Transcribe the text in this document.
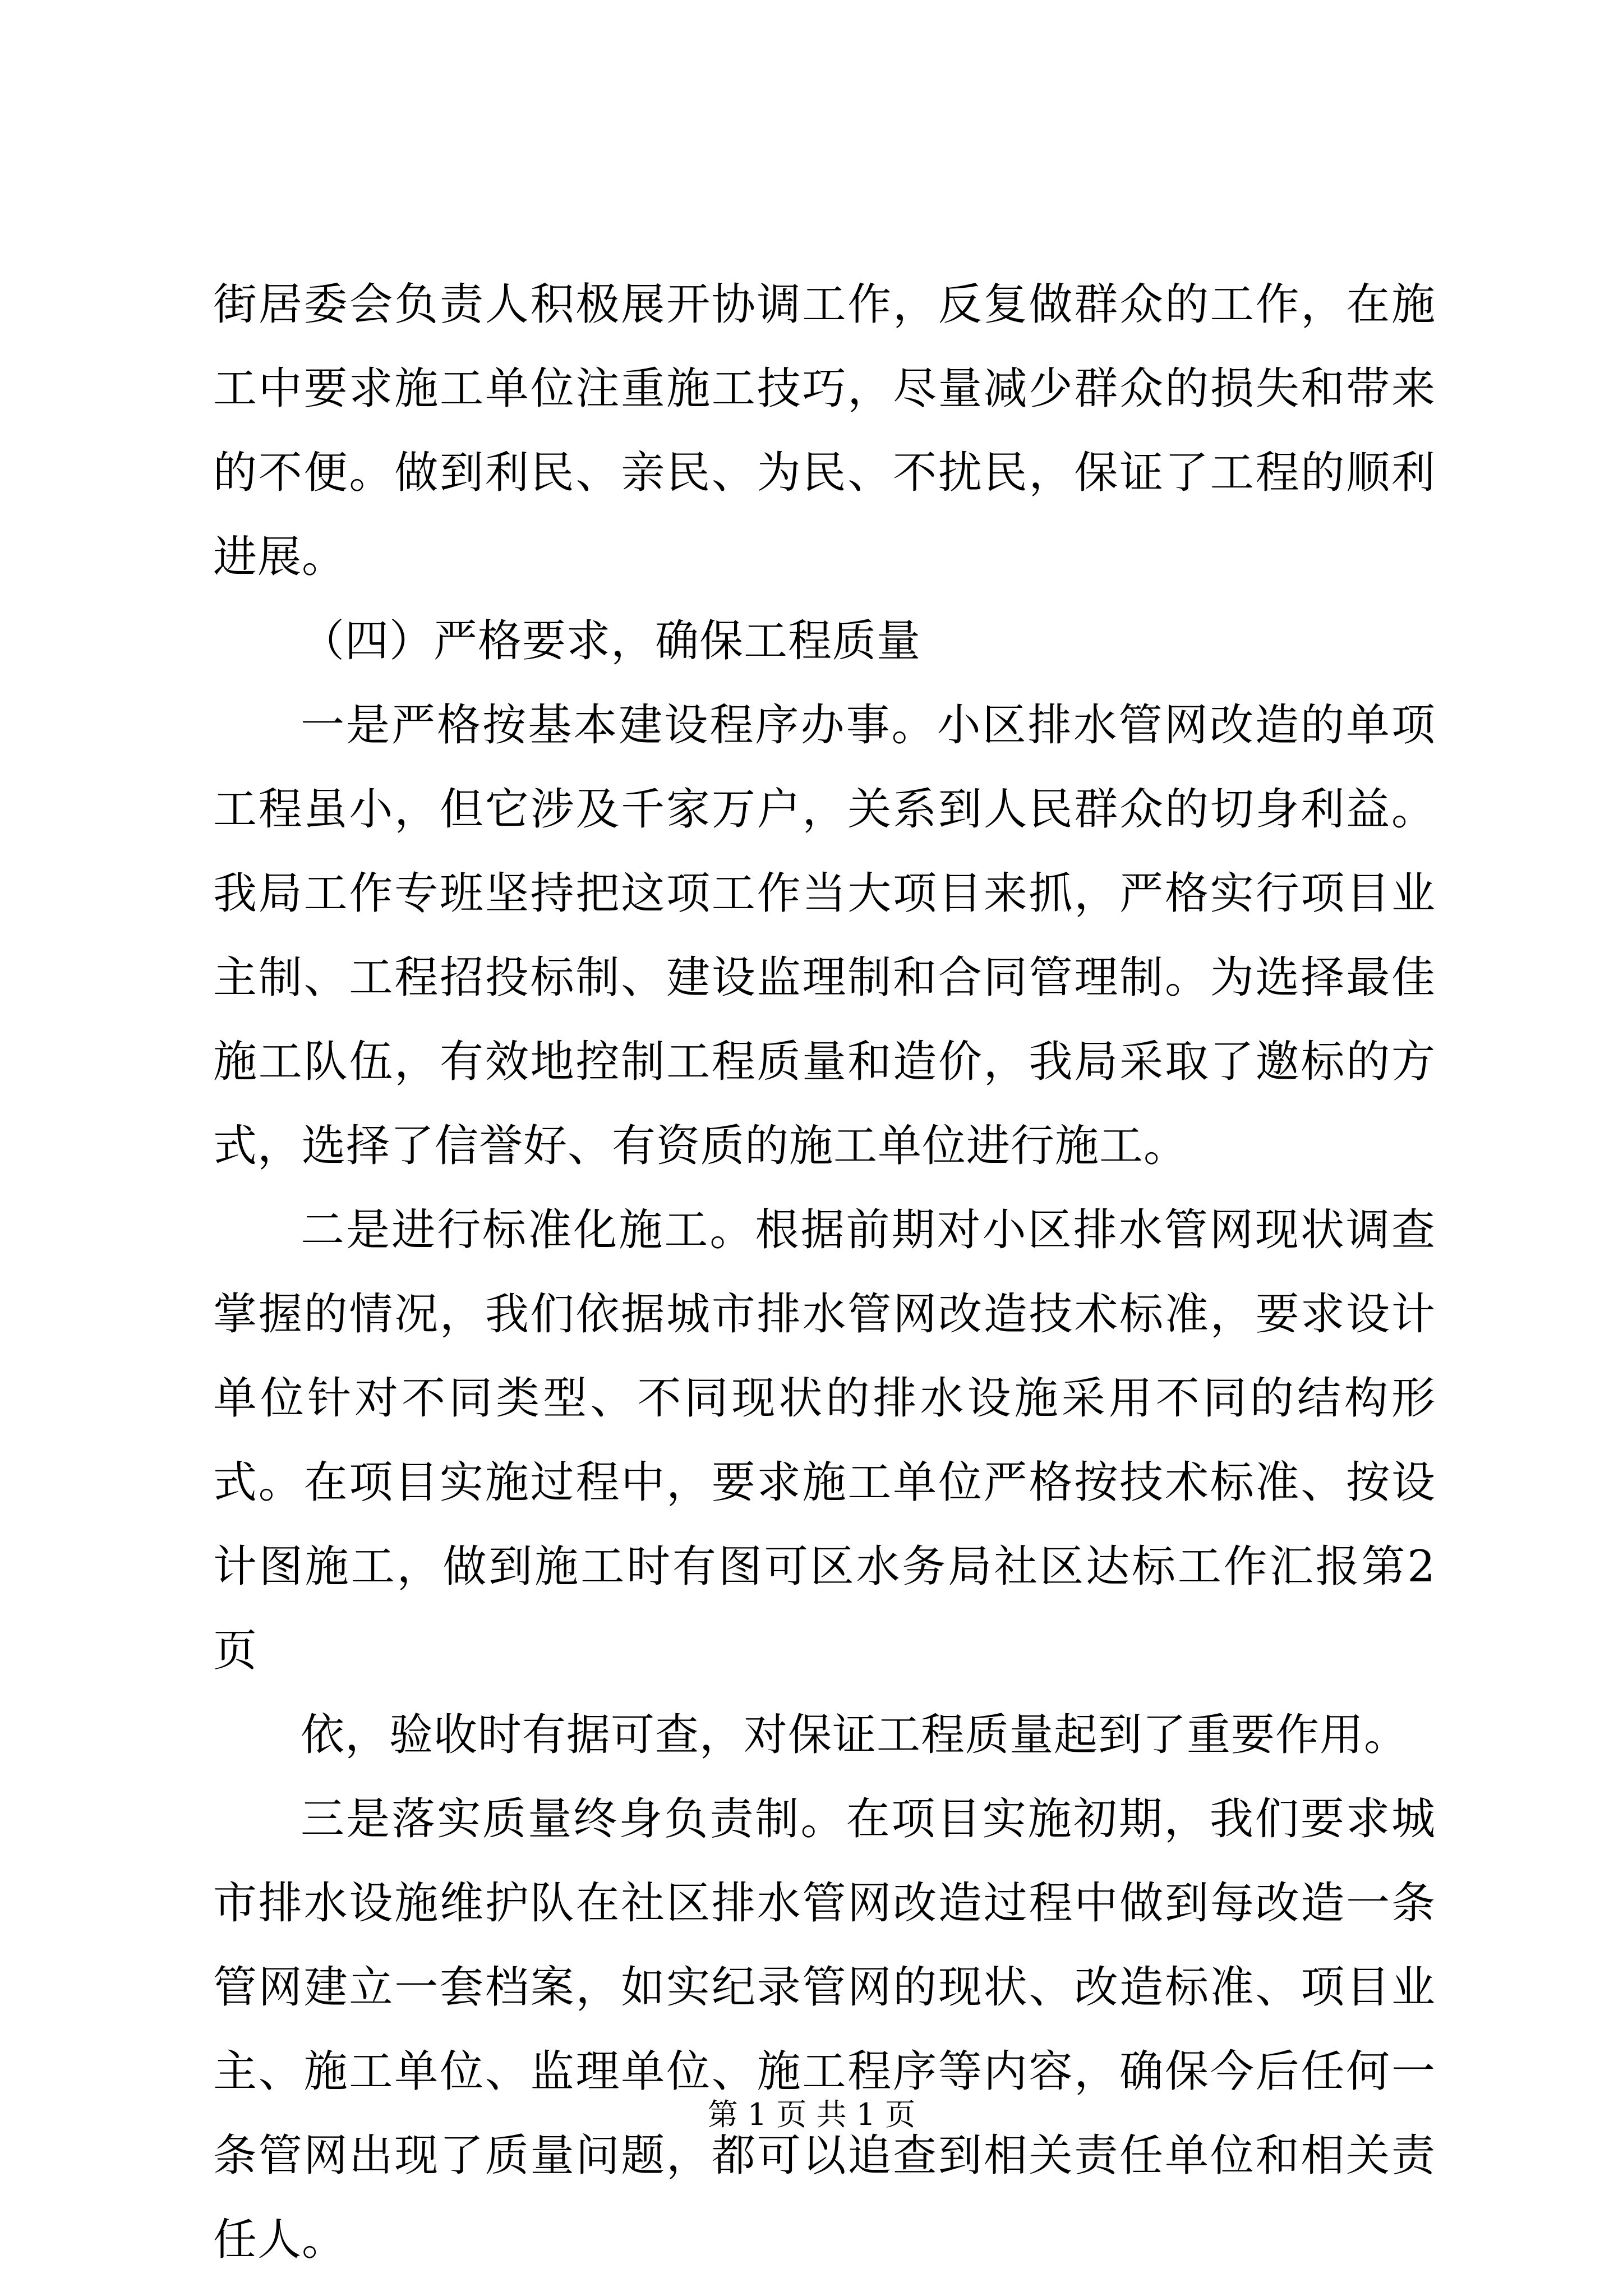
街居委会负责人积极展开协调工作，反复做群众的工作，在施工中要求施工单位注重施工技巧，尽量减少群众的损失和带来的不便。做到利民、亲民、为民、不扰民，保证了工程的顺利进展。

（四）严格要求，确保工程质量

一是严格按基本建设程序办事。小区排水管网改造的单项工程虽小，但它涉及千家万户，关系到人民群众的切身利益。我局工作专班坚持把这项工作当大项目来抓，严格实行项目业主制、工程招投标制、建设监理制和合同管理制。为选择最佳施工队伍，有效地控制工程质量和造价，我局采取了邀标的方式，选择了信誉好、有资质的施工单位进行施工。

二是进行标准化施工。根据前期对小区排水管网现状调查掌握的情况，我们依据城市排水管网改造技术标准，要求设计单位针对不同类型、不同现状的排水设施采用不同的结构形式。在项目实施过程中，要求施工单位严格按技术标准、按设计图施工，做到施工时有图可区水务局社区达标工作汇报第2页

依，验收时有据可查，对保证工程质量起到了重要作用。

三是落实质量终身负责制。在项目实施初期，我们要求城市排水设施维护队在社区排水管网改造过程中做到每改造一条管网建立一套档案，如实纪录管网的现状、改造标准、项目业主、施工单位、监理单位、施工程序等内容，确保今后任何一条管网出现了质量问题，都可以追查到相关责任单位和相关责任人。

第 1 页 共 1 页
